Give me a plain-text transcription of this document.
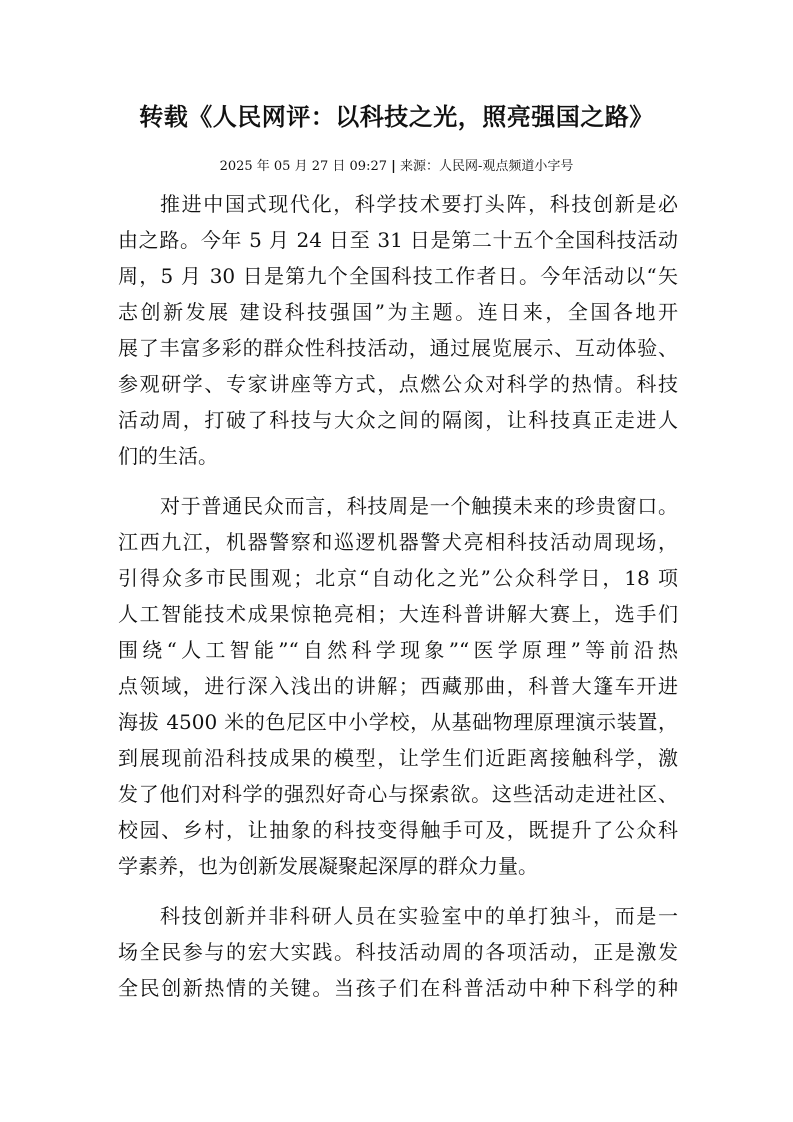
转载《人民网评：以科技之光，照亮强国之路》
2025 年 05 月 27 日 09:27 | 来源：人民网-观点频道小字号
推进中国式现代化，科学技术要打头阵，科技创新是必
由之路。今年 5 月 24 日至 31 日是第二十五个全国科技活动
周，5 月 30 日是第九个全国科技工作者日。今年活动以“矢
志创新发展 建设科技强国”为主题。连日来，全国各地开
展了丰富多彩的群众性科技活动，通过展览展示、互动体验、
参观研学、专家讲座等方式，点燃公众对科学的热情。科技
活动周，打破了科技与大众之间的隔阂，让科技真正走进人
们的生活。
对于普通民众而言，科技周是一个触摸未来的珍贵窗口。
江西九江，机器警察和巡逻机器警犬亮相科技活动周现场，
引得众多市民围观；北京“自动化之光”公众科学日，18 项
人工智能技术成果惊艳亮相；大连科普讲解大赛上，选手们
围绕“人工智能”“自然科学现象”“医学原理”等前沿热
点领域，进行深入浅出的讲解；西藏那曲，科普大篷车开进
海拔 4500 米的色尼区中小学校，从基础物理原理演示装置，
到展现前沿科技成果的模型，让学生们近距离接触科学，激
发了他们对科学的强烈好奇心与探索欲。这些活动走进社区、
校园、乡村，让抽象的科技变得触手可及，既提升了公众科
学素养，也为创新发展凝聚起深厚的群众力量。
科技创新并非科研人员在实验室中的单打独斗，而是一
场全民参与的宏大实践。科技活动周的各项活动，正是激发
全民创新热情的关键。当孩子们在科普活动中种下科学的种
